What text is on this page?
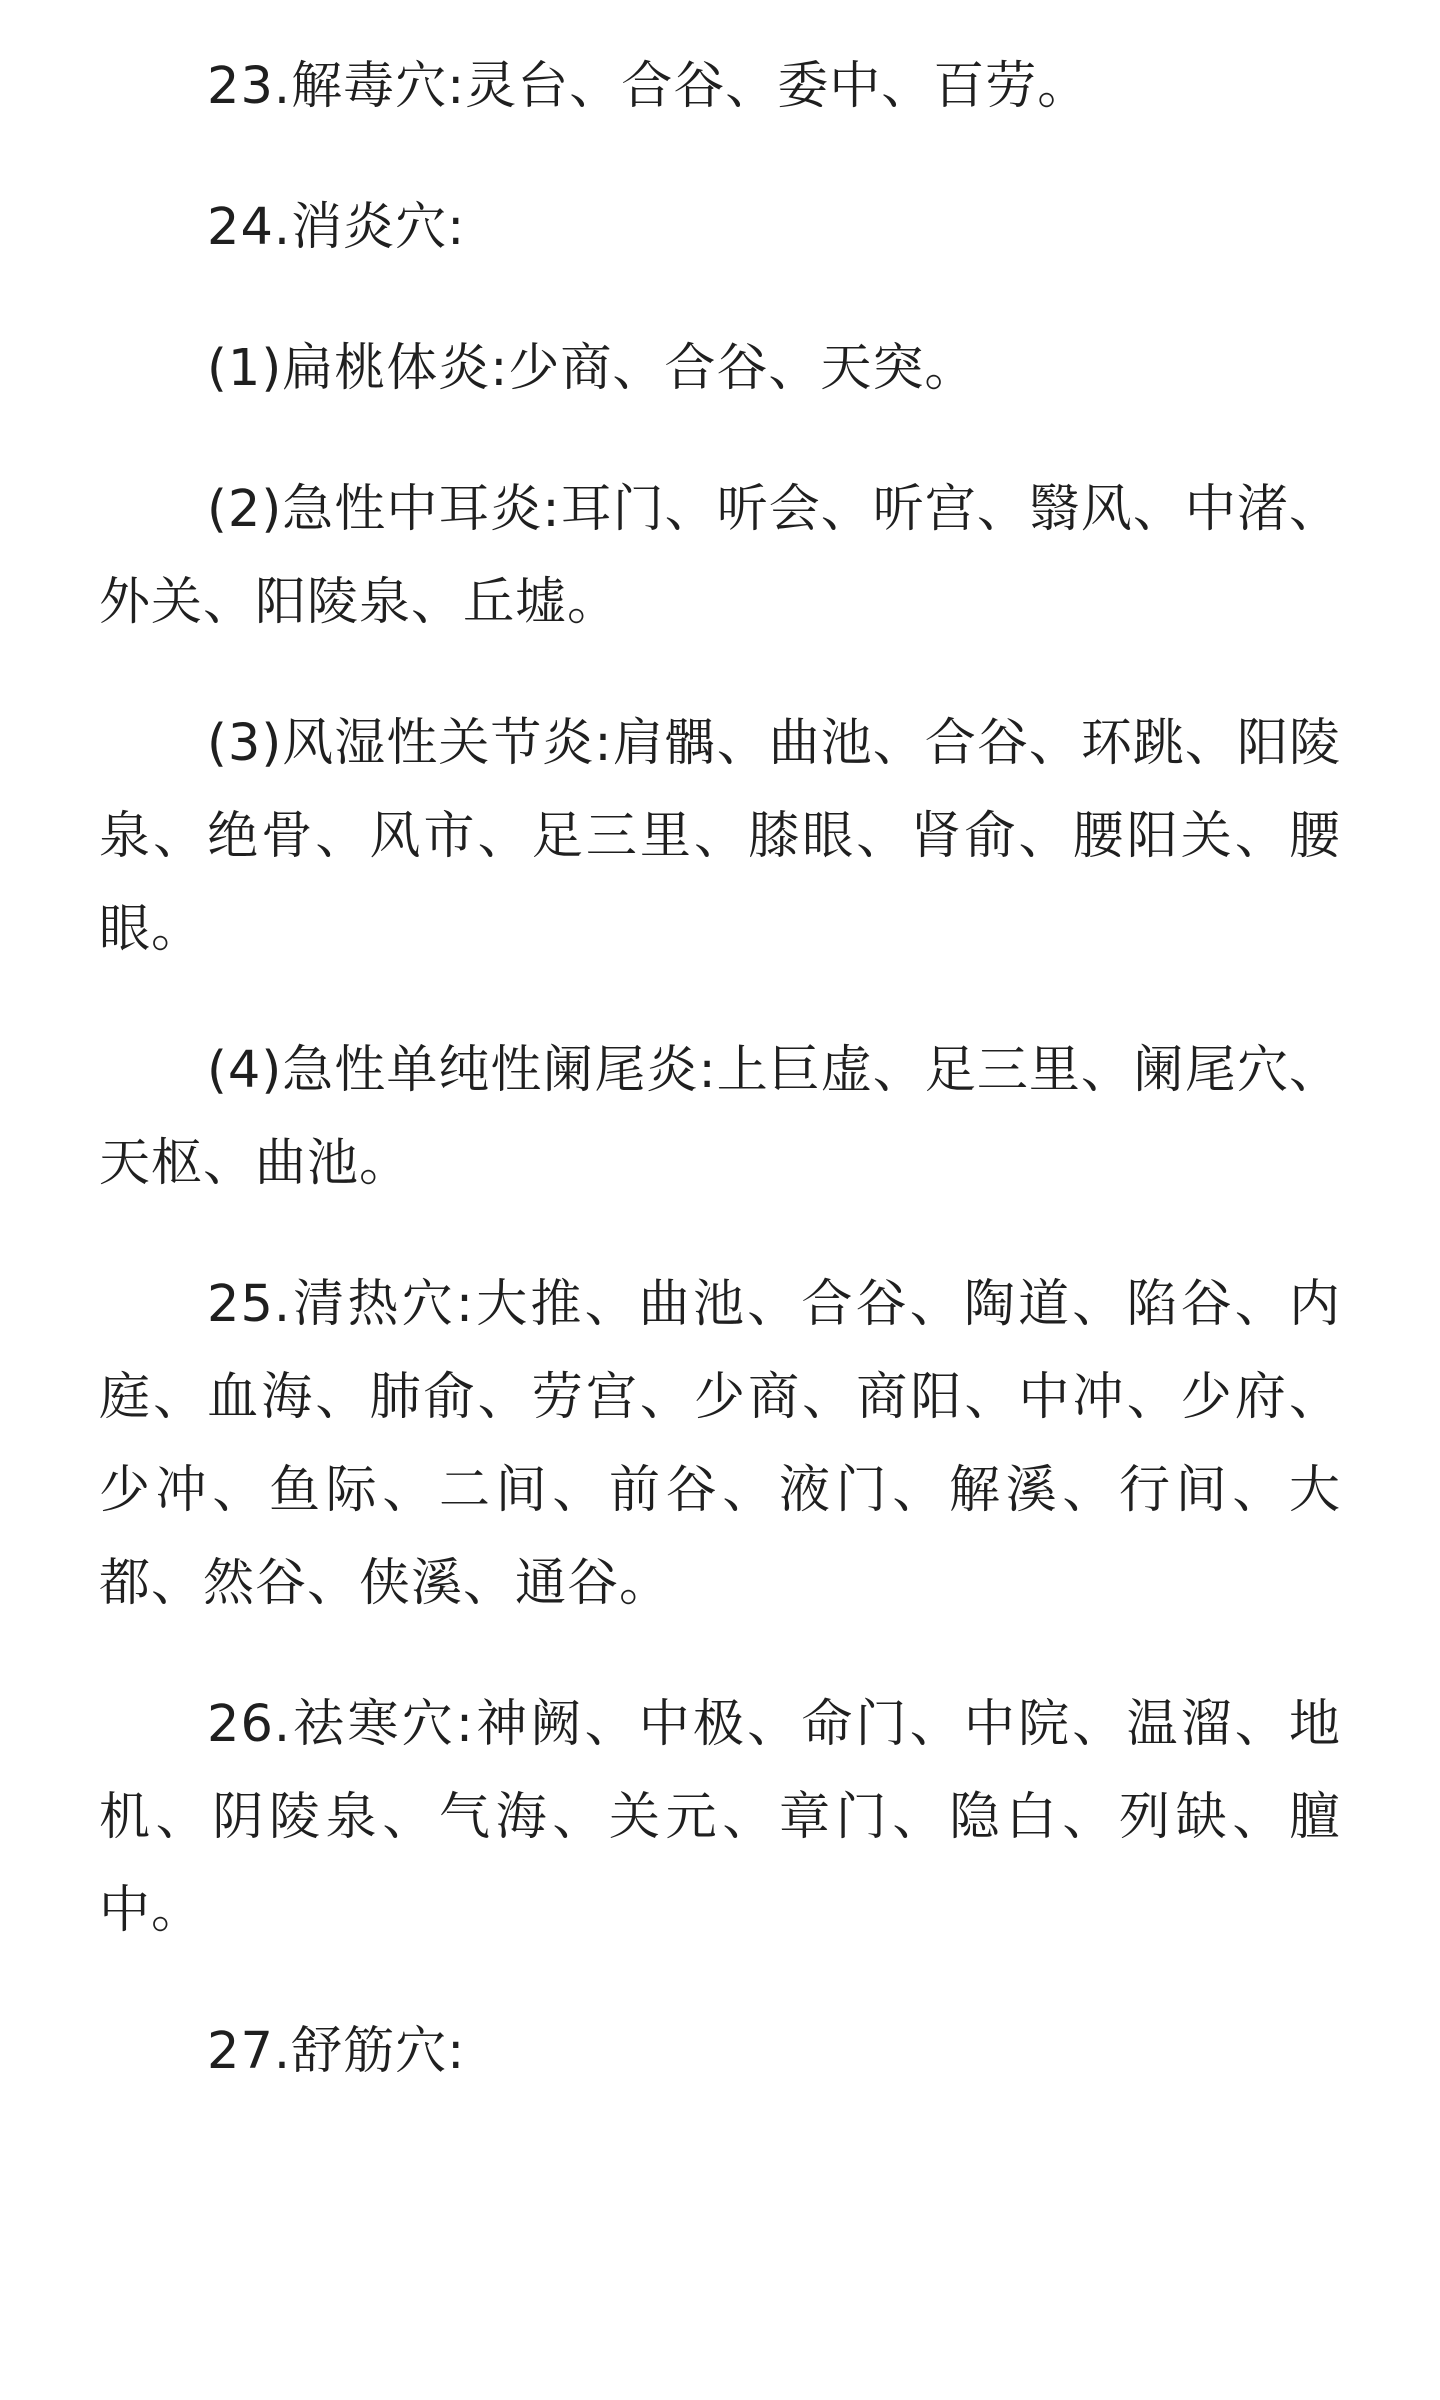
23.解毒穴:灵台、合谷、委中、百劳。

24.消炎穴:

(1)扁桃体炎:少商、合谷、天突。

(2)急性中耳炎:耳门、听会、听宫、翳风、中渚、外关、阳陵泉、丘墟。

(3)风湿性关节炎:肩髃、曲池、合谷、环跳、阳陵泉、绝骨、风市、足三里、膝眼、肾俞、腰阳关、腰眼。

(4)急性单纯性阑尾炎:上巨虚、足三里、阑尾穴、天枢、曲池。

25.清热穴:大推、曲池、合谷、陶道、陷谷、内庭、血海、肺俞、劳宫、少商、商阳、中冲、少府、少冲、鱼际、二间、前谷、液门、解溪、行间、大都、然谷、侠溪、通谷。

26.祛寒穴:神阙、中极、命门、中院、温溜、地机、阴陵泉、气海、关元、章门、隐白、列缺、膻中。

27.舒筋穴:
